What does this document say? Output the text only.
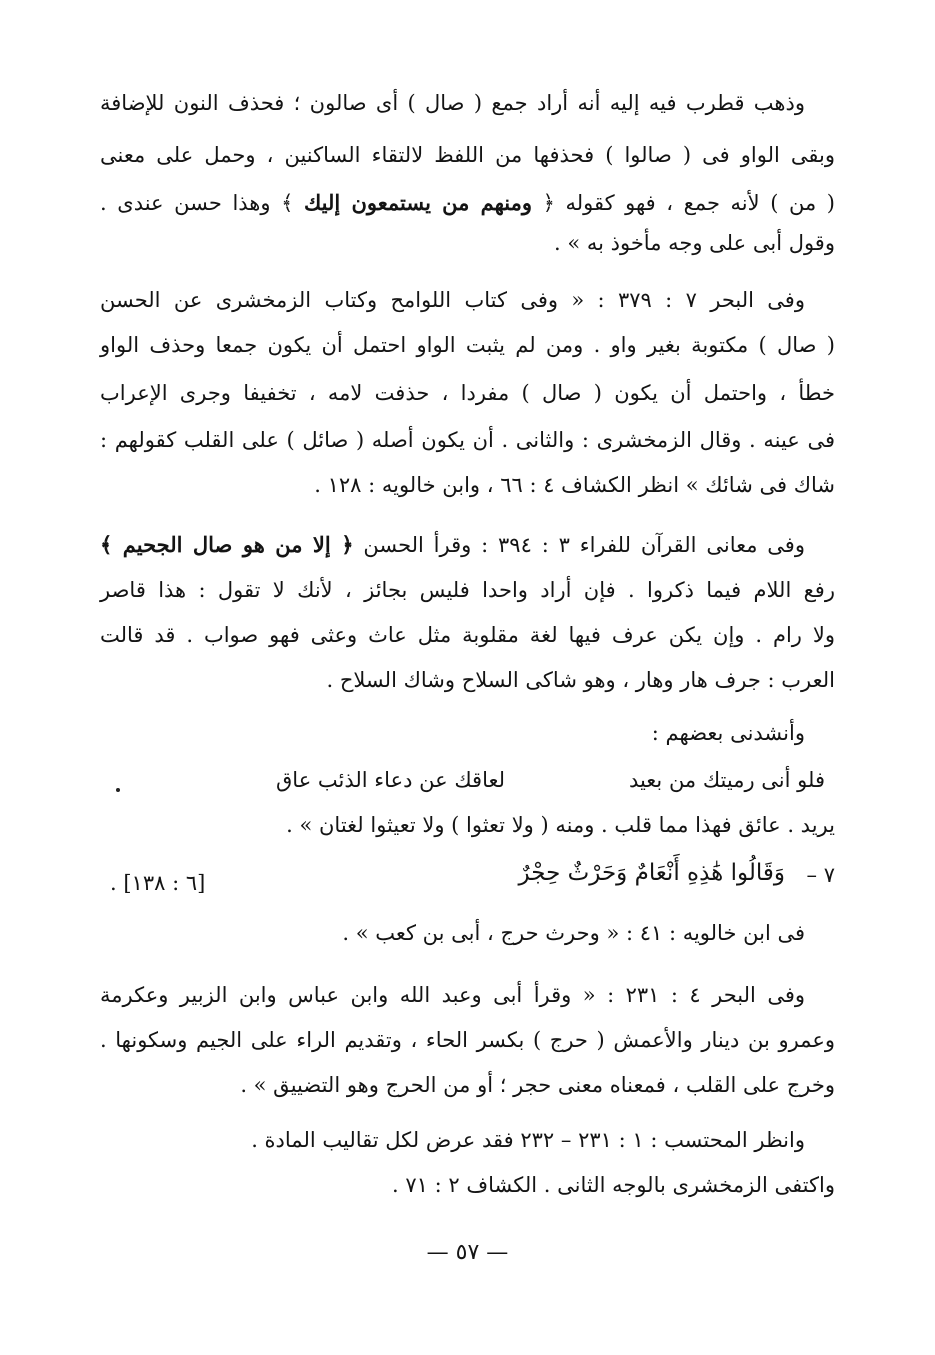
وذهب قطرب فيه إليه أنه أراد جمع ( صال ) أى صالون ؛ فحذف النون للإضافة
وبقى الواو فى ( صالوا ) فحذفها من اللفظ لالتقاء الساكنين ، وحمل على معنى
( من ) لأنه جمع ، فهو كقوله ﴿ ومنهم من يستمعون إليك ﴾ وهذا حسن عندى .
وقول أبى على وجه مأخوذ به » .
وفى البحر ٧ : ٣٧٩ : « وفى كتاب اللوامح وكتاب الزمخشرى عن الحسن
( صال ) مكتوبة بغير واو . ومن لم يثبت الواو احتمل أن يكون جمعا وحذف الواو
خطأ ، واحتمل أن يكون ( صال ) مفردا ، حذفت لامه ، تخفيفا وجرى الإعراب
فى عينه . وقال الزمخشرى : والثانى . أن يكون أصله ( صائل ) على القلب كقولهم :
شاك فى شائك » انظر الكشاف ٤ : ٦٦ ، وابن خالويه : ١٢٨ .
وفى معانى القرآن للفراء ٣ : ٣٩٤ : وقرأ الحسن ﴿ إلا من هو صال الجحيم ﴾
رفع اللام فيما ذكروا . فإن أراد واحدا فليس بجائز ، لأنك لا تقول : هذا قاصر
ولا رام . وإن يكن عرف فيها لغة مقلوبة مثل عاث وعثى فهو صواب . قد قالت
العرب : جرف هار وهار ، وهو شاكى السلاح وشاك السلاح .
وأنشدنى بعضهم :
فلو أنى رميتك من بعيد
لعاقك عن دعاء الذئب عاق
يريد . عائق فهذا مما قلب . ومنه ( ولا تعثوا ) ولا تعيثوا لغتان » .
٧ –
وَقَالُوا هَٰذِهِ أَنْعَامٌ وَحَرْثٌ حِجْرٌ
[٦ : ١٣٨] .
فى ابن خالويه : ٤١ : « وحرث حرج ، أبى بن كعب » .
وفى البحر ٤ : ٢٣١ : « وقرأ أبى وعبد الله وابن عباس وابن الزبير وعكرمة
وعمرو بن دينار والأعمش ( حرج ) بكسر الحاء ، وتقديم الراء على الجيم وسكونها .
وخرج على القلب ، فمعناه معنى حجر ؛ أو من الحرج وهو التضييق » .
وانظر المحتسب : ١ : ٢٣١ – ٢٣٢ فقد عرض لكل تقاليب المادة .
واكتفى الزمخشرى بالوجه الثانى . الكشاف ٢ : ٧١ .
— ٥٧ —
